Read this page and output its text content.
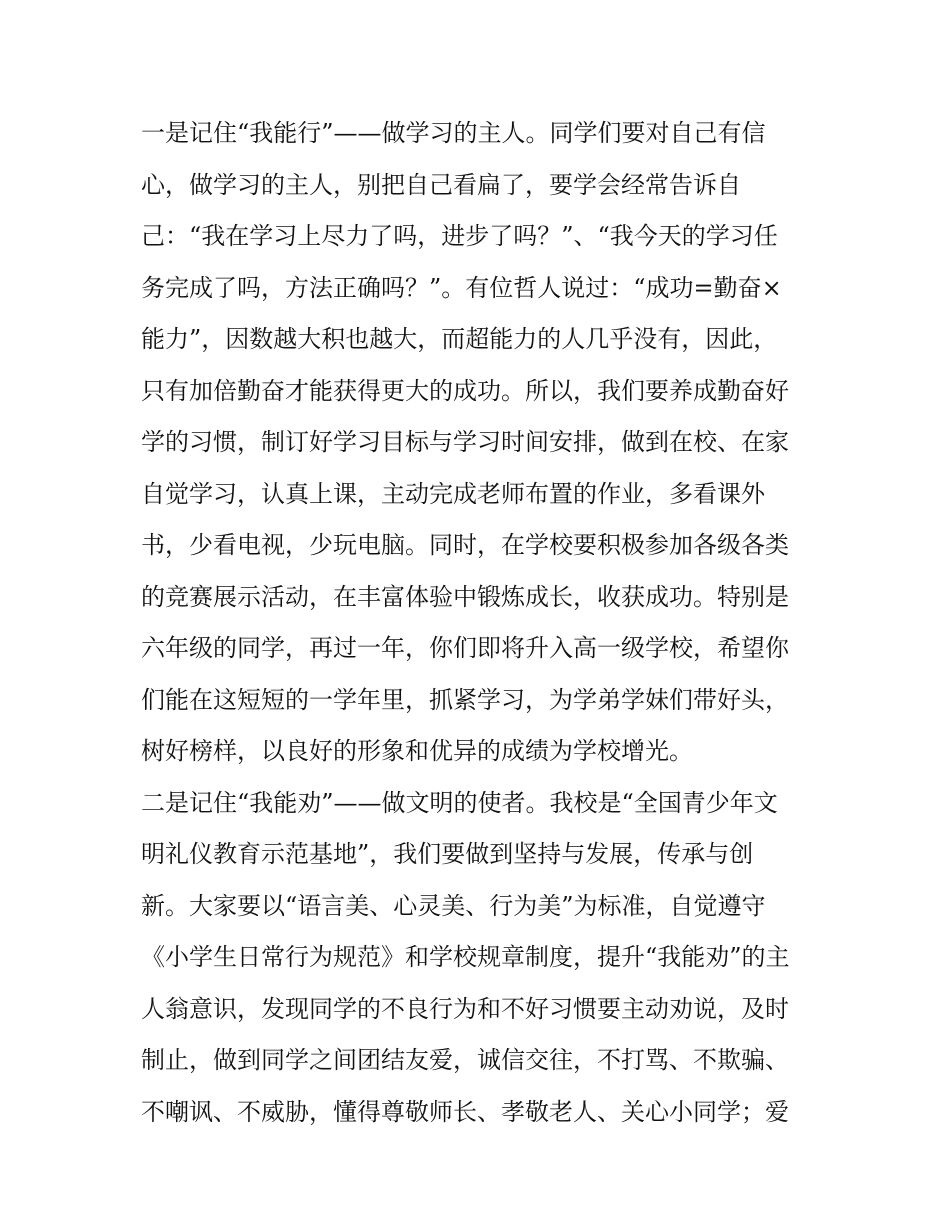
一是记住“我能行”——做学习的主人。同学们要对自己有信
心，做学习的主人，别把自己看扁了，要学会经常告诉自
己：“我在学习上尽力了吗，进步了吗？”、“我今天的学习任
务完成了吗，方法正确吗？”。有位哲人说过：“成功=勤奋×
能力”，因数越大积也越大，而超能力的人几乎没有，因此，
只有加倍勤奋才能获得更大的成功。所以，我们要养成勤奋好
学的习惯，制订好学习目标与学习时间安排，做到在校、在家
自觉学习，认真上课，主动完成老师布置的作业，多看课外
书，少看电视，少玩电脑。同时，在学校要积极参加各级各类
的竞赛展示活动，在丰富体验中锻炼成长，收获成功。特别是
六年级的同学，再过一年，你们即将升入高一级学校，希望你
们能在这短短的一学年里，抓紧学习，为学弟学妹们带好头，
树好榜样，以良好的形象和优异的成绩为学校增光。
二是记住“我能劝”——做文明的使者。我校是“全国青少年文
明礼仪教育示范基地”，我们要做到坚持与发展，传承与创
新。大家要以“语言美、心灵美、行为美”为标准，自觉遵守
《小学生日常行为规范》和学校规章制度，提升“我能劝”的主
人翁意识，发现同学的不良行为和不好习惯要主动劝说，及时
制止，做到同学之间团结友爱，诚信交往，不打骂、不欺骗、
不嘲讽、不威胁，懂得尊敬师长、孝敬老人、关心小同学；爱
